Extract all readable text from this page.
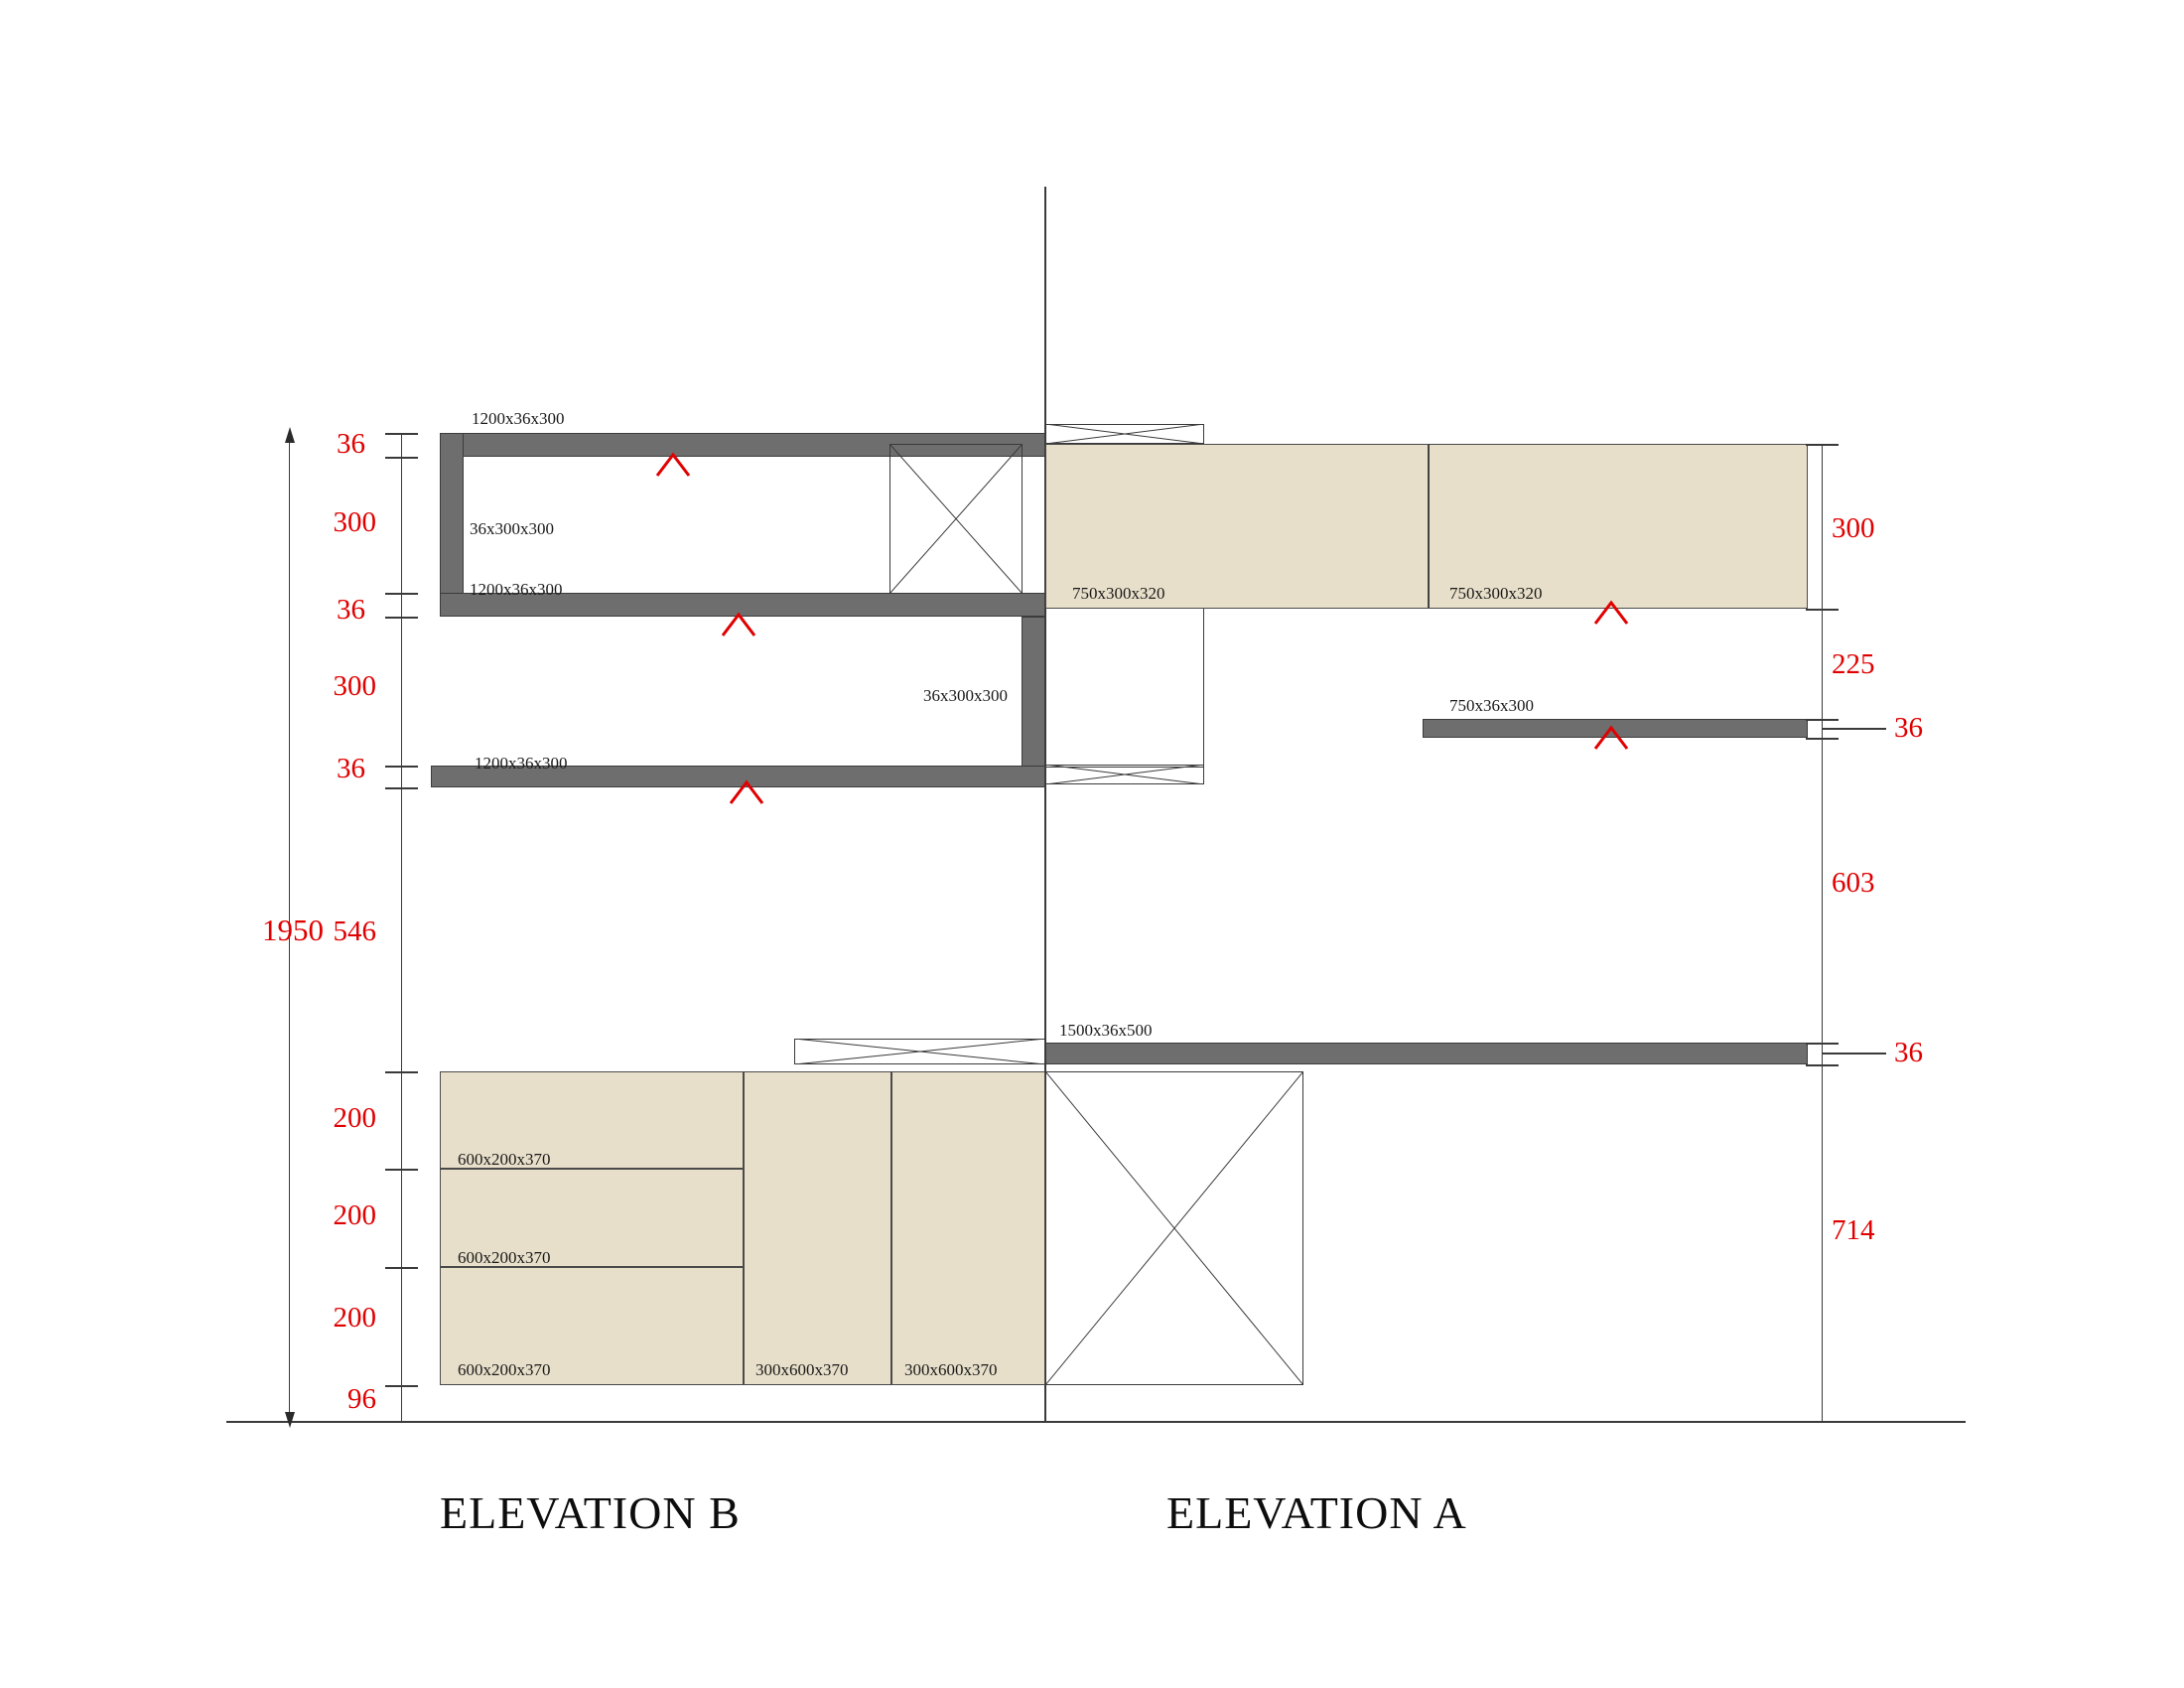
36
300
36
300
36
546
200
200
200
96
1950
300
225
36
603
36
714
1200x36x300
36x300x300
1200x36x300
36x300x300
1200x36x300
750x300x320	750x300x320
750x36x300
1500x36x500
600x200x370
600x200x370
600x200x370	300x600x370	300x600x370
ELEVATION B	ELEVATION A
